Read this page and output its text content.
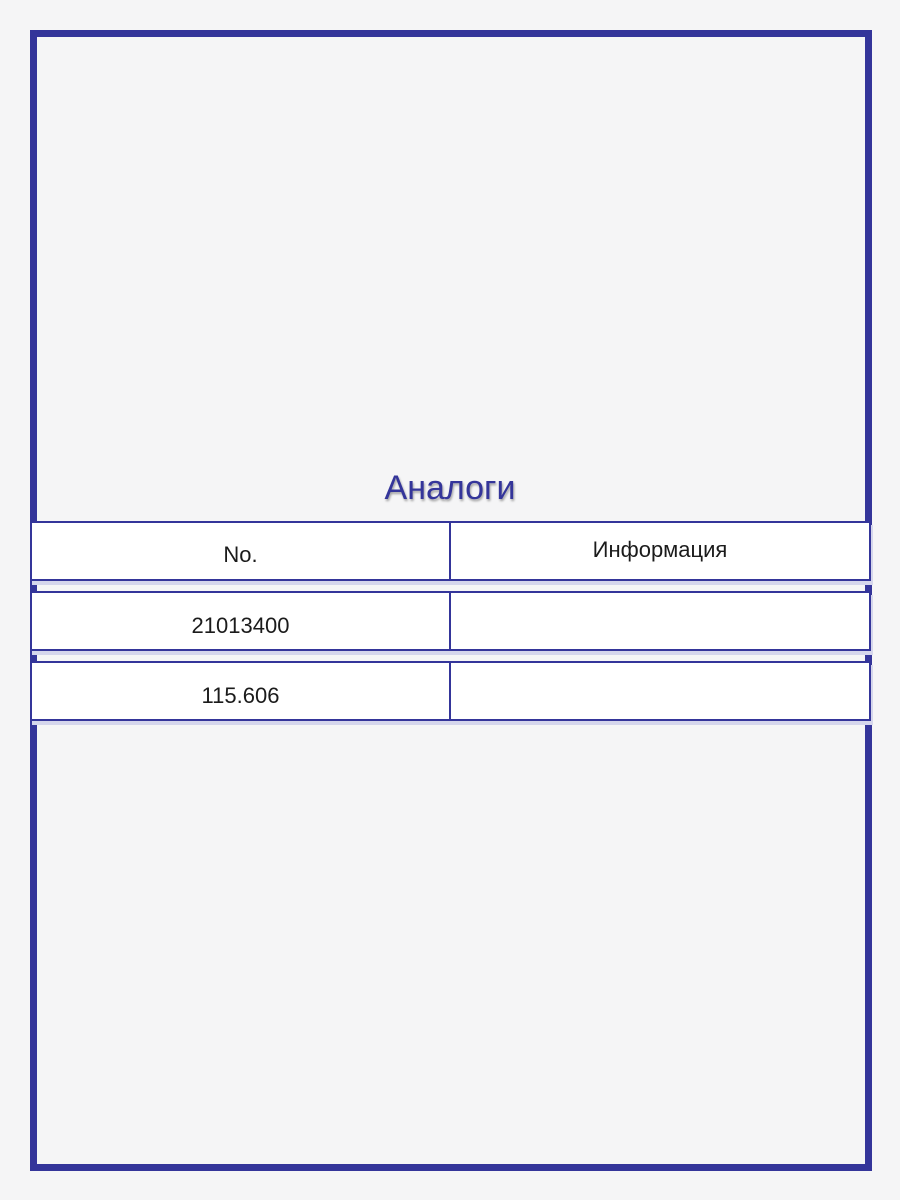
Аналоги
No.	Информация
21013400
115.606
